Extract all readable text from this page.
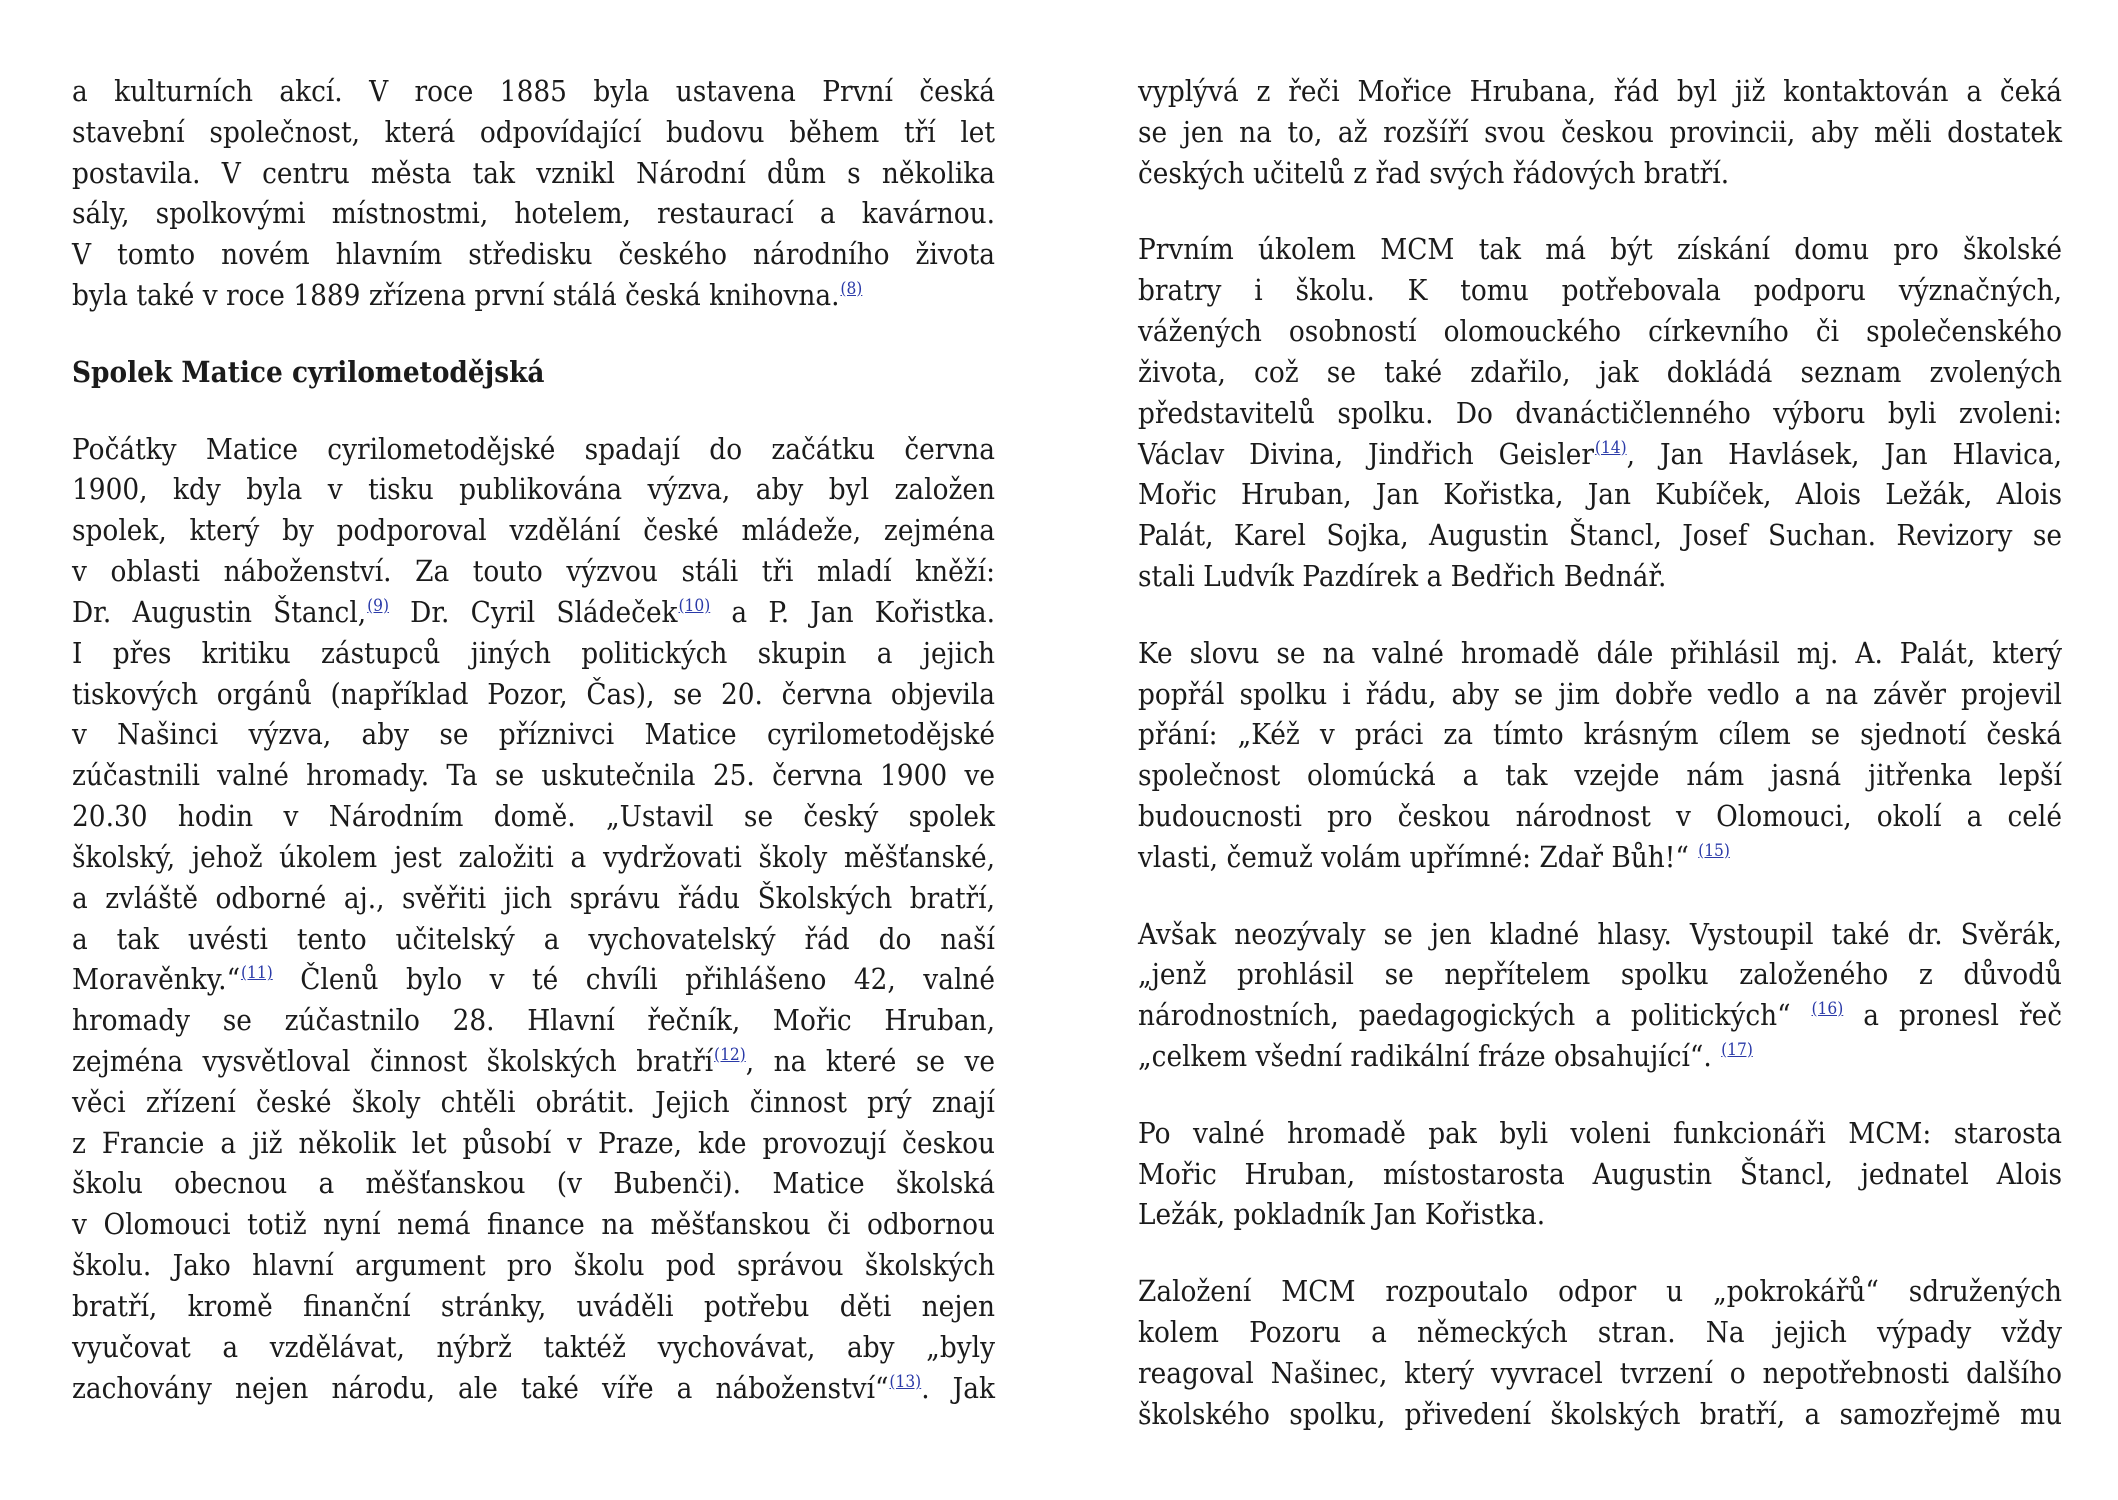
a kulturních akcí. V roce 1885 byla ustavena První česká
stavební společnost, která odpovídající budovu během tří let
postavila. V centru města tak vznikl Národní dům s několika
sály, spolkovými místnostmi, hotelem, restaurací a kavárnou.
V tomto novém hlavním středisku českého národního života
byla také v roce 1889 zřízena první stálá česká knihovna.$^{(8)}$
Spolek Matice cyrilometodějská
Počátky Matice cyrilometodějské spadají do začátku června
1900, kdy byla v tisku publikována výzva, aby byl založen
spolek, který by podporoval vzdělání české mládeže, zejména
v oblasti náboženství. Za touto výzvou stáli tři mladí kněží:
Dr. Augustin Štancl,$^{(9)}$ Dr. Cyril Sládeček$^{(10)}$ a P. Jan Kořistka.
I přes kritiku zástupců jiných politických skupin a jejich
tiskových orgánů (například Pozor, Čas), se 20. června objevila
v Našinci výzva, aby se příznivci Matice cyrilometodějské
zúčastnili valné hromady. Ta se uskutečnila 25. června 1900 ve
20.30 hodin v Národním domě. „Ustavil se český spolek
školský, jehož úkolem jest založiti a vydržovati školy měšťanské,
a zvláště odborné aj., svěřiti jich správu řádu Školských bratří,
a tak uvésti tento učitelský a vychovatelský řád do naší
Moravěnky.“$^{(11)}$ Členů bylo v té chvíli přihlášeno 42, valné
hromady se zúčastnilo 28. Hlavní řečník, Mořic Hruban,
zejména vysvětloval činnost školských bratří$^{(12)}$, na které se ve
věci zřízení české školy chtěli obrátit. Jejich činnost prý znají
z Francie a již několik let působí v Praze, kde provozují českou
školu obecnou a měšťanskou (v Bubenči). Matice školská
v Olomouci totiž nyní nemá finance na měšťanskou či odbornou
školu. Jako hlavní argument pro školu pod správou školských
bratří, kromě finanční stránky, uváděli potřebu děti nejen
vyučovat a vzdělávat, nýbrž taktéž vychovávat, aby „byly
zachovány nejen národu, ale také víře a náboženství“$^{(13)}$. Jak
vyplývá z řeči Mořice Hrubana, řád byl již kontaktován a čeká
se jen na to, až rozšíří svou českou provincii, aby měli dostatek
českých učitelů z řad svých řádových bratří.
Prvním úkolem MCM tak má být získání domu pro školské
bratry i školu. K tomu potřebovala podporu význačných,
vážených osobností olomouckého církevního či společenského
života, což se také zdařilo, jak dokládá seznam zvolených
představitelů spolku. Do dvanáctičlenného výboru byli zvoleni:
Václav Divina, Jindřich Geisler$^{(14)}$, Jan Havlásek, Jan Hlavica,
Mořic Hruban, Jan Kořistka, Jan Kubíček, Alois Ležák, Alois
Palát, Karel Sojka, Augustin Štancl, Josef Suchan. Revizory se
stali Ludvík Pazdírek a Bedřich Bednář.
Ke slovu se na valné hromadě dále přihlásil mj. A. Palát, který
popřál spolku i řádu, aby se jim dobře vedlo a na závěr projevil
přání: „Kéž v práci za tímto krásným cílem se sjednotí česká
společnost olomúcká a tak vzejde nám jasná jitřenka lepší
budoucnosti pro českou národnost v Olomouci, okolí a celé
vlasti, čemuž volám upřímné: Zdař Bůh!“ $^{(15)}$
Avšak neozývaly se jen kladné hlasy. Vystoupil také dr. Svěrák,
„jenž prohlásil se nepřítelem spolku založeného z důvodů
národnostních, paedagogických a politických“ $^{(16)}$ a pronesl řeč
„celkem všední radikální fráze obsahující“. $^{(17)}$
Po valné hromadě pak byli voleni funkcionáři MCM: starosta
Mořic Hruban, místostarosta Augustin Štancl, jednatel Alois
Ležák, pokladník Jan Kořistka.
Založení MCM rozpoutalo odpor u „pokrokářů“ sdružených
kolem Pozoru a německých stran. Na jejich výpady vždy
reagoval Našinec, který vyvracel tvrzení o nepotřebnosti dalšího
školského spolku, přivedení školských bratří, a samozřejmě mu
